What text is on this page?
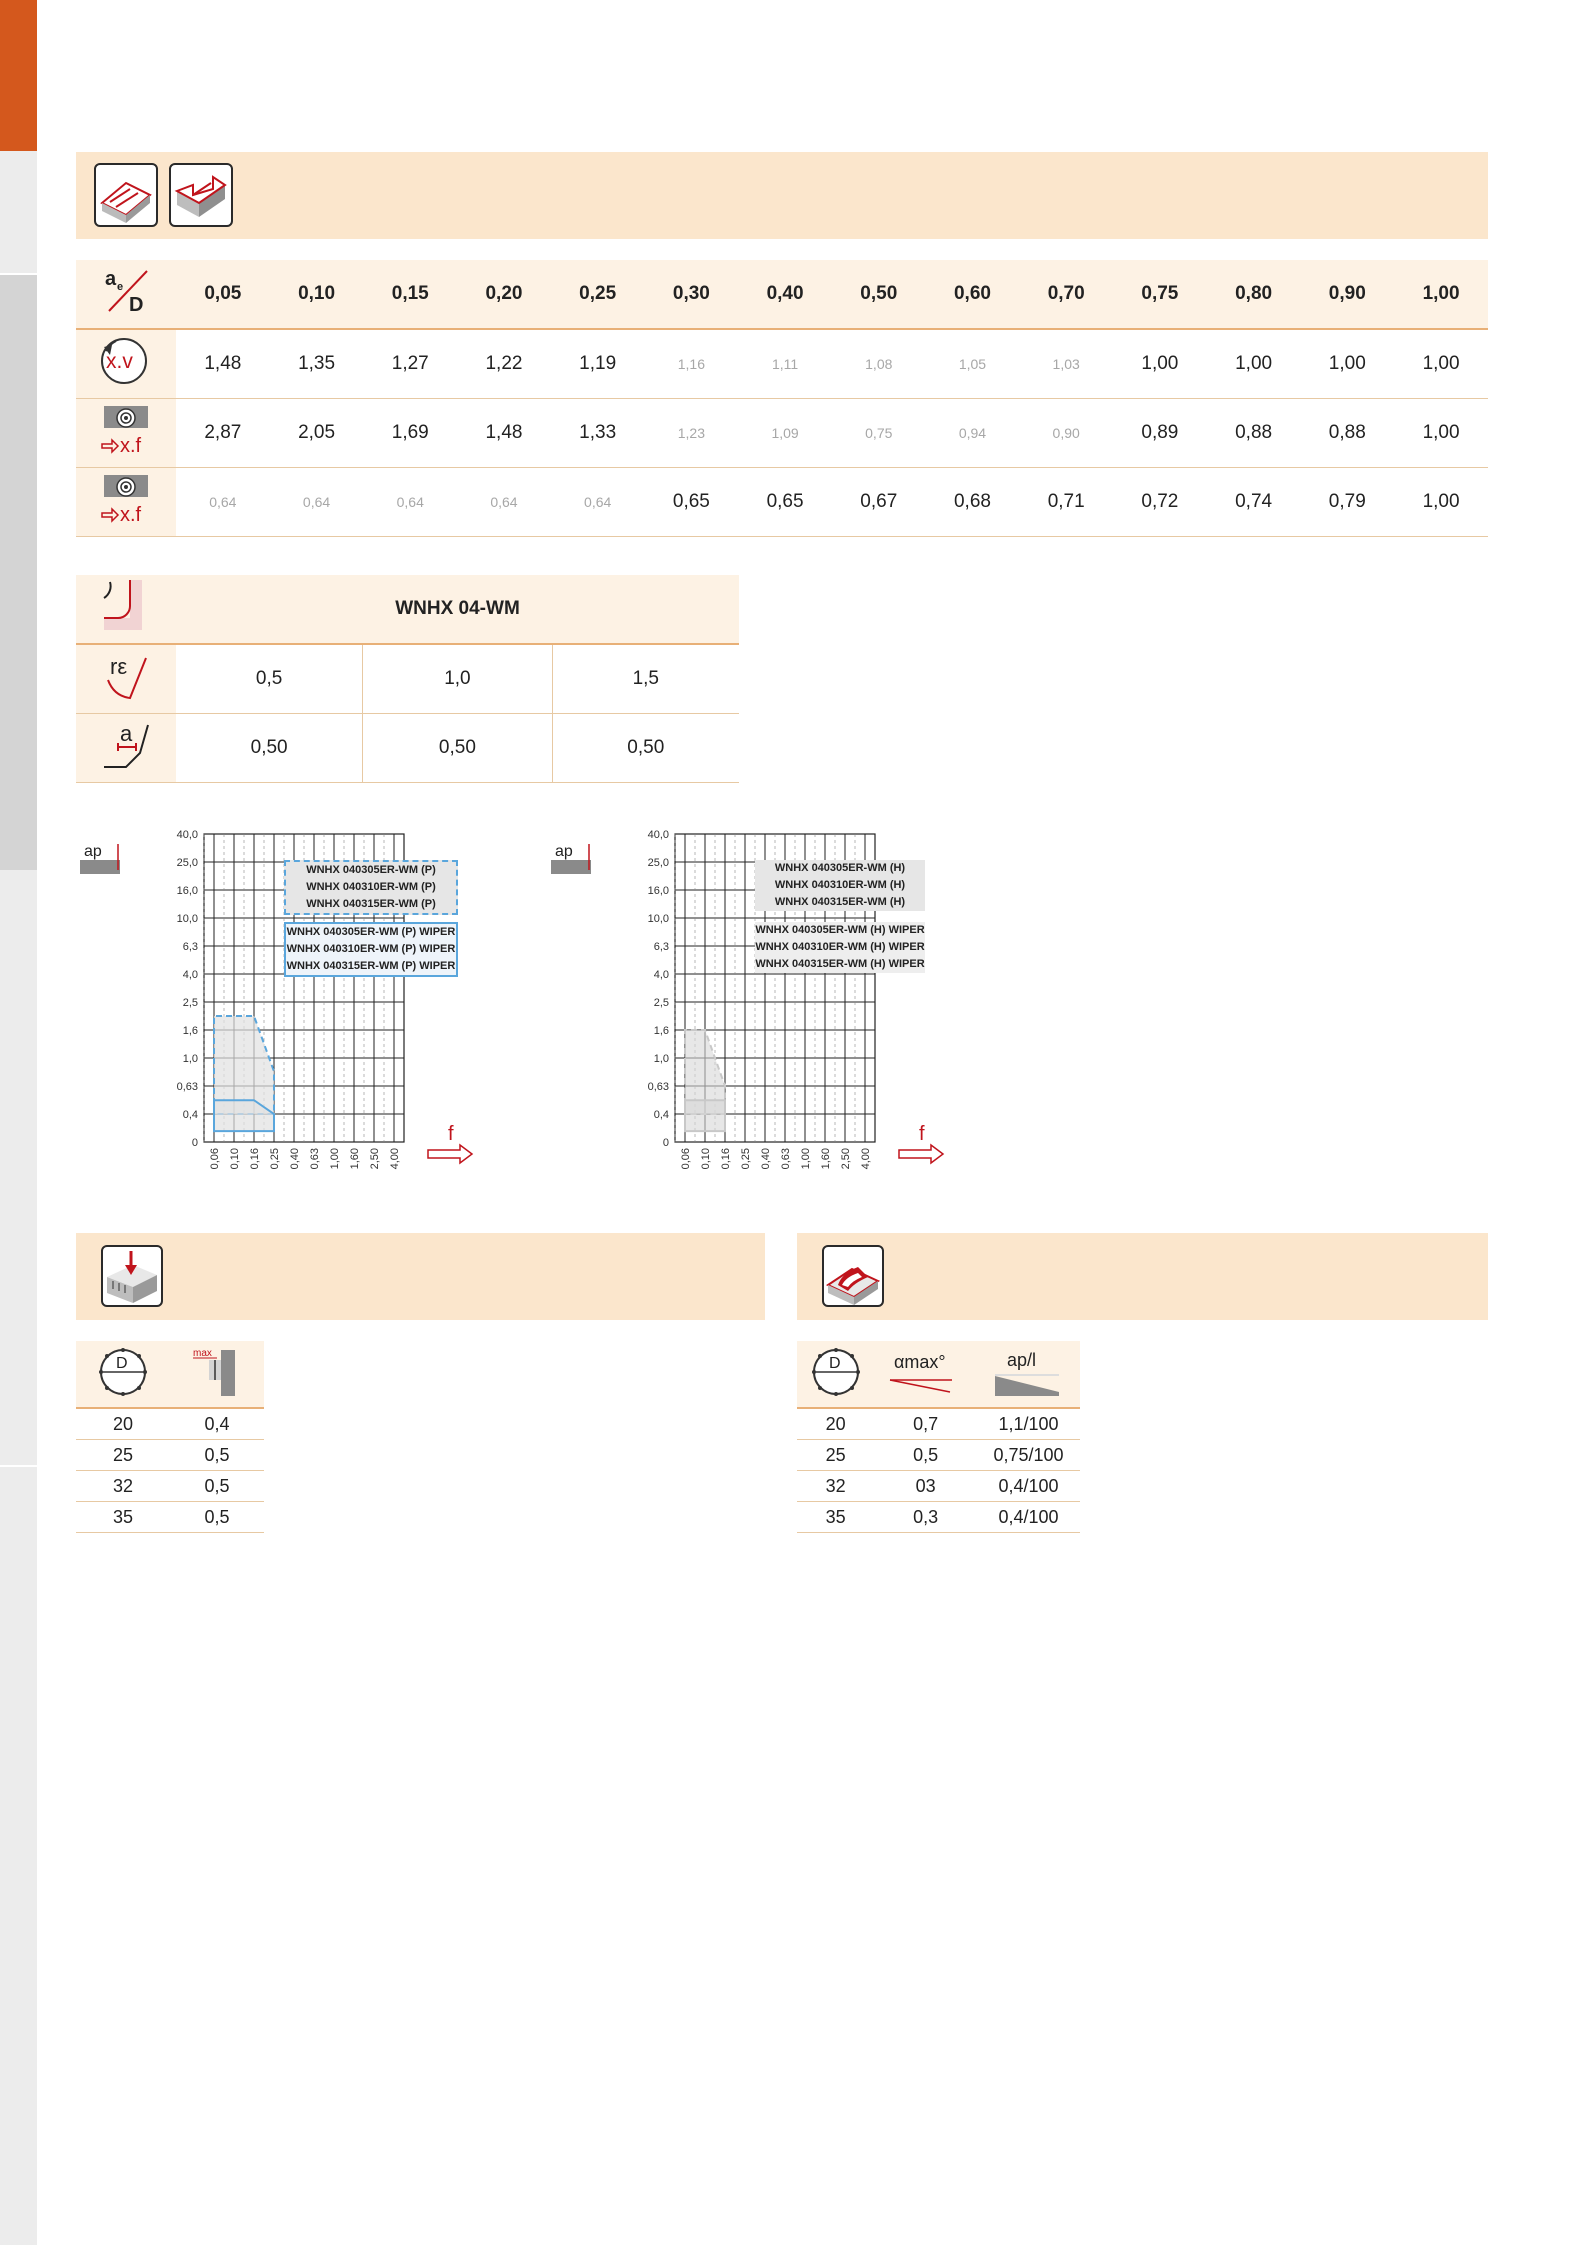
a e
D	0,05	0,10	0,15	0,20	0,25	0,30	0,40	0,50	0,60	0,70	0,75	0,80	0,90	1,00

x.v	1,48	1,35	1,27	1,22	1,19	1,16	1,11	1,08	1,05	1,03	1,00	1,00	1,00	1,00

x.f	2,87	2,05	1,69	1,48	1,33	1,23	1,09	0,75	0,94	0,90	0,89	0,88	0,88	1,00

x.f	0,64	0,64	0,64	0,64	0,64	0,65	0,65	0,67	0,68	0,71	0,72	0,74	0,79	1,00
	WNHX 04-WM		

rε	0,5	1,0	1,5

a	0,50	0,50	0,50
0
0,4
0,63
1,0
1,6
2,5
4,0
6,3
10,0
16,0
25,0
40,0
0,06 0,10 0,16 0,25 0,40 0,63 1,00 1,60 2,50 4,00
ap
f
WNHX 040305ER-WM (P)
WNHX 040310ER-WM (P)
WNHX 040315ER-WM (P)
WNHX 040305ER-WM (P) WIPER
WNHX 040310ER-WM (P) WIPER
WNHX 040315ER-WM (P) WIPER
0
0,4
0,63
1,0
1,6
2,5
4,0
6,3
10,0
16,0
25,0
40,0
0,06 0,10 0,16 0,25 0,40 0,63 1,00 1,60 2,50 4,00
ap
f
WNHX 040305ER-WM (H)
WNHX 040310ER-WM (H)
WNHX 040315ER-WM (H)
WNHX 040305ER-WM (H) WIPER
WNHX 040310ER-WM (H) WIPER
WNHX 040315ER-WM (H) WIPER
D	max

20	0,4
25	0,5
32	0,5
35	0,5
D	αmax°	ap/l

20	0,7	1,1/100
25	0,5	0,75/100
32	03	0,4/100
35	0,3	0,4/100
